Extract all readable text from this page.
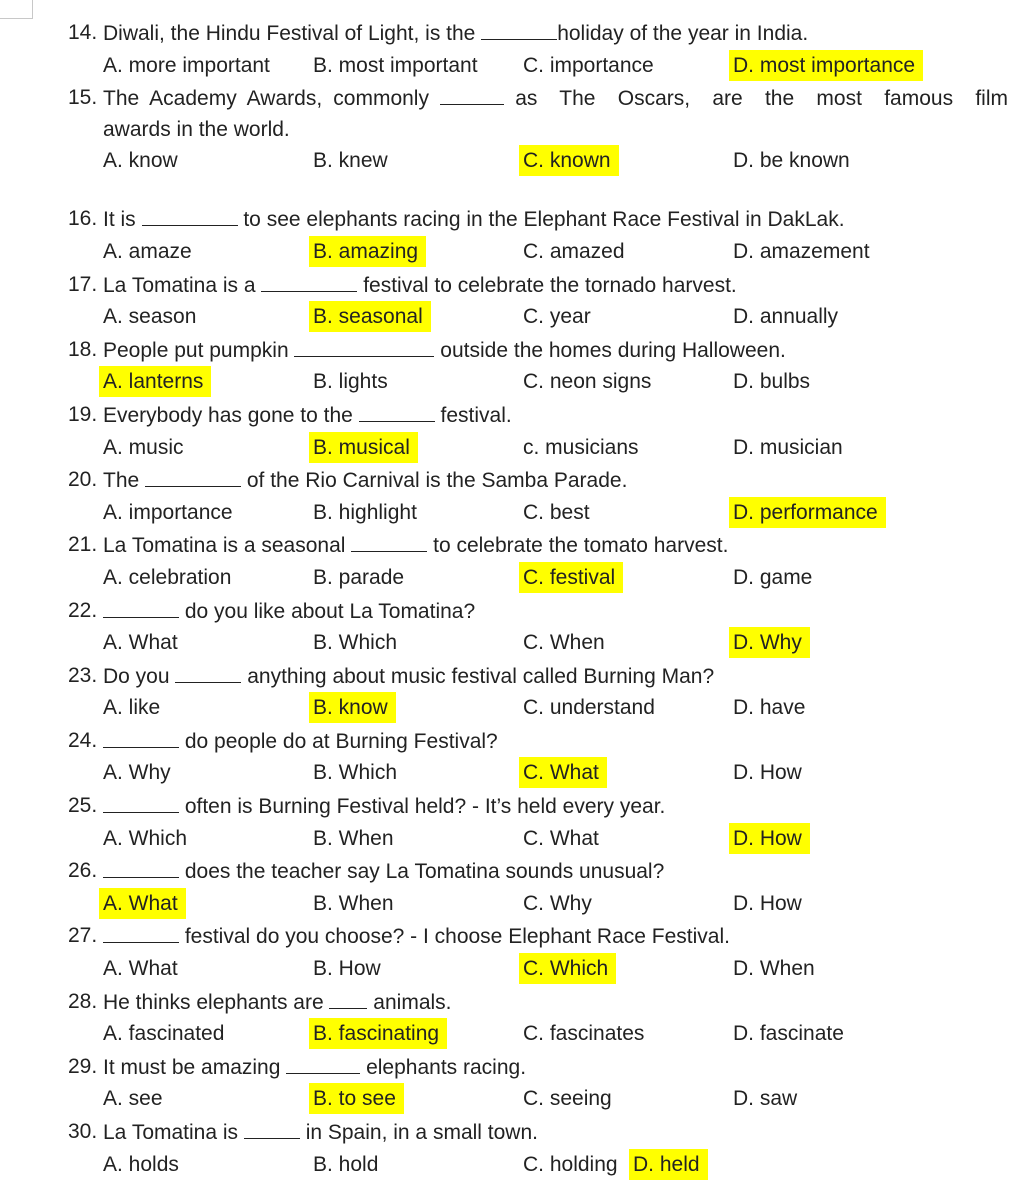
14. Diwali, the Hindu Festival of Light, is the	holiday of the year in India.
A. more important B. most important C. importance	D. most importance
15. The Academy Awards, commonly	as  The  Oscars,  are  the  most  famous  film
awards in the world.
A. know	B. knew	C. known	D. be known
16. It is	to see elephants racing in the Elephant Race Festival in DakLak.
A. amaze	B. amazing	C. amazed	D. amazement
17. La Tomatina is a	festival to celebrate the tornado harvest.
A. season	B. seasonal	C. year	D. annually
18. People put pumpkin	outside the homes during Halloween.
A. lanterns	B. lights	C. neon signs	D. bulbs
19. Everybody has gone to the	festival.
A. music	B. musical	c. musicians	D. musician
20. The	of the Rio Carnival is the Samba Parade.
A. importance	B. highlight	C. best	D. performance
21. La Tomatina is a seasonal	to celebrate the tomato harvest.
A. celebration	B. parade	C. festival	D. game
22.	do you like about La Tomatina?
A. What	B. Which	C. When	D. Why
23. Do you	anything about music festival called Burning Man?
A. like	B. know	C. understand	D. have
24.	do people do at Burning Festival?
A. Why	B. Which	C. What	D. How
25.	often is Burning Festival held? - It’s held every year.
A. Which	B. When	C. What	D. How
26.	does the teacher say La Tomatina sounds unusual?
A. What	B. When	C. Why	D. How
27.	festival do you choose? - I choose Elephant Race Festival.
A. What	B. How	C. Which	D. When
28. He thinks elephants are  animals.
A. fascinated	B. fascinating	C. fascinates	D. fascinate
29. It must be amazing	elephants racing.
A. see	B. to see	C. seeing	D. saw
30. La Tomatina is	in Spain, in a small town.
A. holds	B. hold	C. holding D. held
